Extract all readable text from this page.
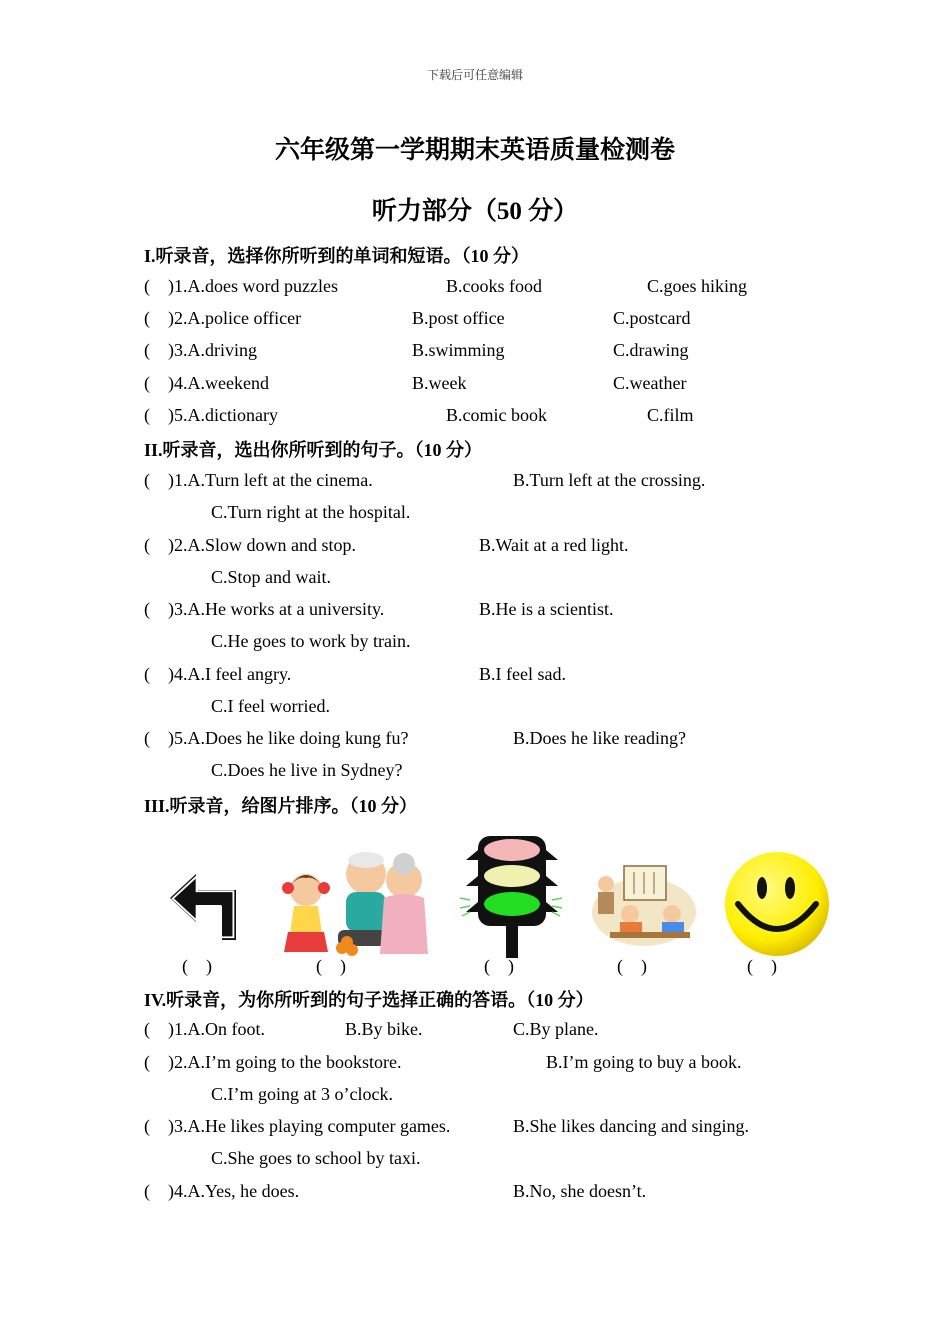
下载后可任意编辑
六年级第一学期期末英语质量检测卷
听力部分（50 分）
I.听录音，选择你所听到的单词和短语。（10 分）
(    )1.A.does word puzzles	B.cooks food	C.goes hiking
(    )2.A.police officer	B.post office	C.postcard
(    )3.A.driving	B.swimming	C.drawing
(    )4.A.weekend	B.week	C.weather
(    )5.A.dictionary	B.comic book	C.film
II.听录音，选出你所听到的句子。（10 分）
(    )1.A.Turn left at the cinema.	B.Turn left at the crossing.
C.Turn right at the hospital.
(    )2.A.Slow down and stop.	B.Wait at a red light.
C.Stop and wait.
(    )3.A.He works at a university.	B.He is a scientist.
C.He goes to work by train.
(    )4.A.I feel angry.	B.I feel sad.
C.I feel worried.
(    )5.A.Does he like doing kung fu?	B.Does he like reading?
C.Does he live in Sydney?
III.听录音，给图片排序。（10 分）
(    )	(    )	(    )	(    )	(    )
IV.听录音，为你所听到的句子选择正确的答语。（10 分）
(    )1.A.On foot.	B.By bike.	C.By plane.
(    )2.A.I’m going to the bookstore.	B.I’m going to buy a book.
C.I’m going at 3 o’clock.
(    )3.A.He likes playing computer games.	B.She likes dancing and singing.
C.She goes to school by taxi.
(    )4.A.Yes, he does.	B.No, she doesn’t.
